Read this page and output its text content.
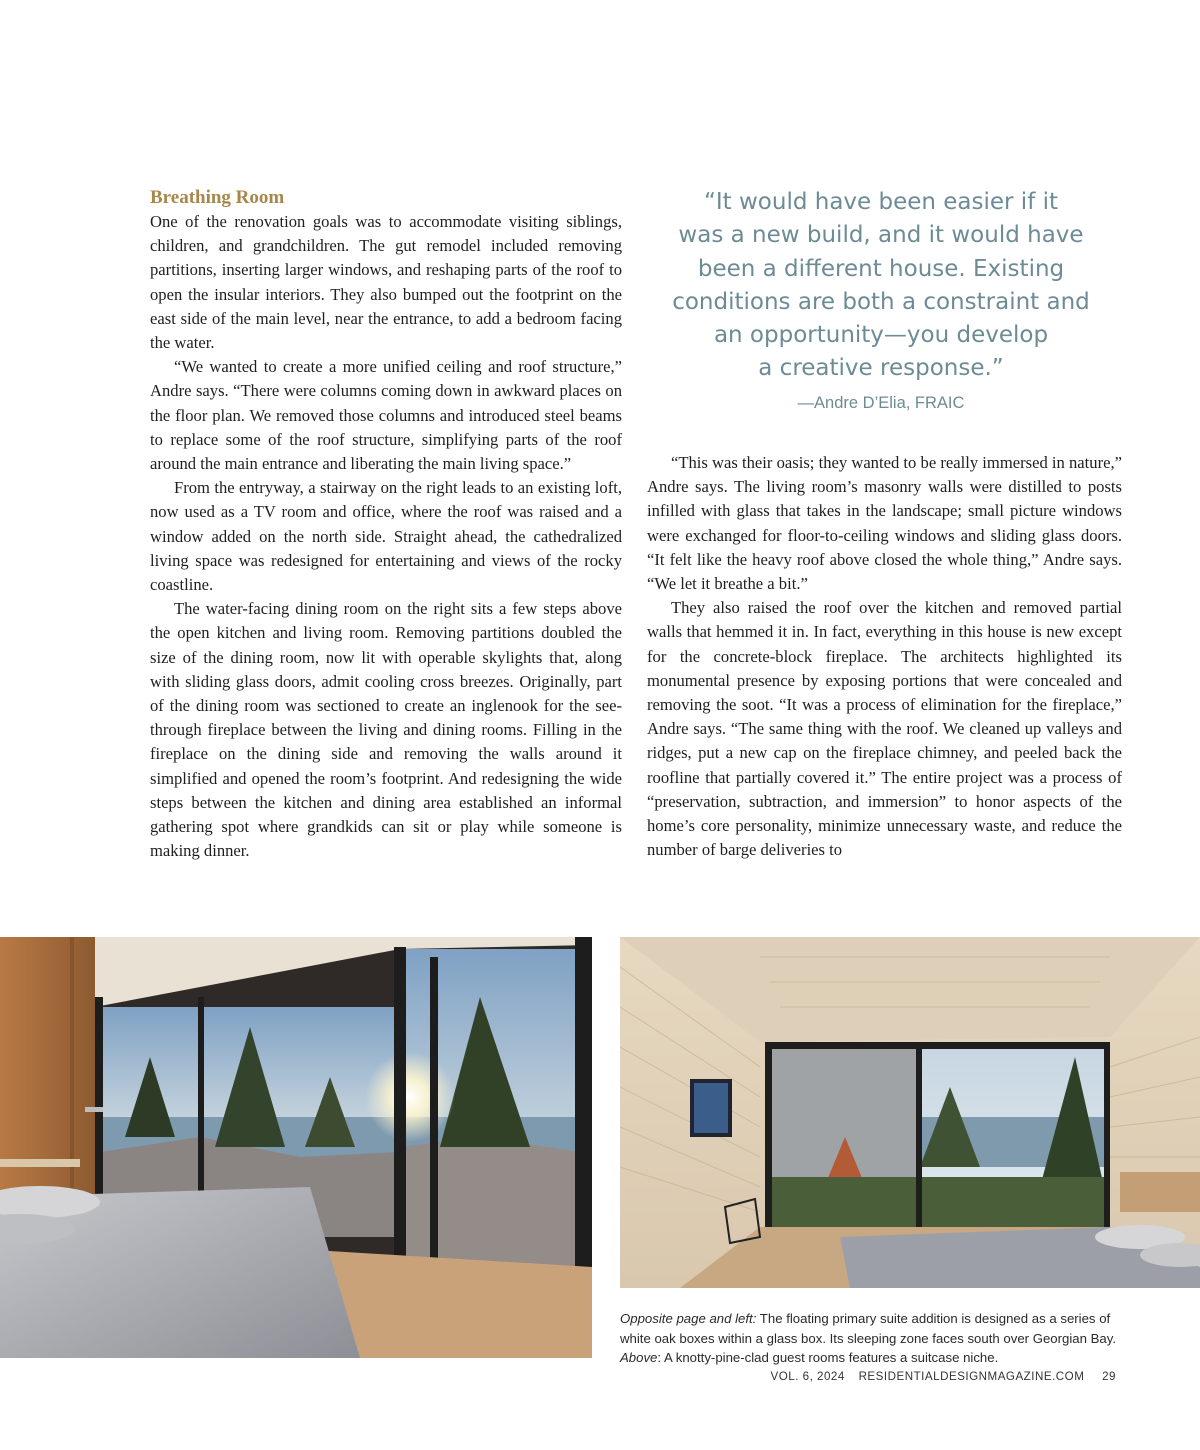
Breathing Room

One of the renovation goals was to accommodate visiting siblings, children, and grandchildren. The gut remodel included removing partitions, inserting larger windows, and reshaping parts of the roof to open the insular interiors. They also bumped out the footprint on the east side of the main level, near the entrance, to add a bedroom facing the water.

“We wanted to create a more unified ceiling and roof structure,” Andre says. “There were columns coming down in awkward places on the floor plan. We removed those columns and introduced steel beams to replace some of the roof structure, simplifying parts of the roof around the main entrance and liberating the main living space.”

From the entryway, a stairway on the right leads to an existing loft, now used as a TV room and office, where the roof was raised and a window added on the north side. Straight ahead, the cathedralized living space was redesigned for entertaining and views of the rocky coastline.

The water-facing dining room on the right sits a few steps above the open kitchen and living room. Removing partitions doubled the size of the dining room, now lit with operable skylights that, along with sliding glass doors, admit cooling cross breezes. Originally, part of the dining room was sectioned to create an inglenook for the see-through fireplace between the living and dining rooms. Filling in the fireplace on the dining side and removing the walls around it simplified and opened the room’s footprint. And redesigning the wide steps between the kitchen and dining area established an informal gathering spot where grandkids can sit or play while someone is making dinner.

“It would have been easier if it
was a new build, and it would have
been a different house. Existing
conditions are both a constraint and
an opportunity—you develop
a creative response.”
—Andre D’Elia, FRAIC

“This was their oasis; they wanted to be really immersed in nature,” Andre says. The living room’s masonry walls were distilled to posts infilled with glass that takes in the landscape; small picture windows were exchanged for floor-to-ceiling windows and sliding glass doors. “It felt like the heavy roof above closed the whole thing,” Andre says. “We let it breathe a bit.”

They also raised the roof over the kitchen and removed partial walls that hemmed it in. In fact, everything in this house is new except for the concrete-block fireplace. The architects highlighted its monumental presence by exposing portions that were concealed and removing the soot. “It was a process of elimination for the fireplace,” Andre says. “The same thing with the roof. We cleaned up valleys and ridges, put a new cap on the fireplace chimney, and peeled back the roofline that partially covered it.” The entire project was a process of “preservation, subtraction, and immersion” to honor aspects of the home’s core personality, minimize unnecessary waste, and reduce the number of barge deliveries to

Opposite page and left: The floating primary suite addition is designed as a series of white oak boxes within a glass box. Its sleeping zone faces south over Georgian Bay. Above: A knotty-pine-clad guest rooms features a suitcase niche.
VOL. 6, 2024 RESIDENTIALDESIGNMAGAZINE.COM 29
